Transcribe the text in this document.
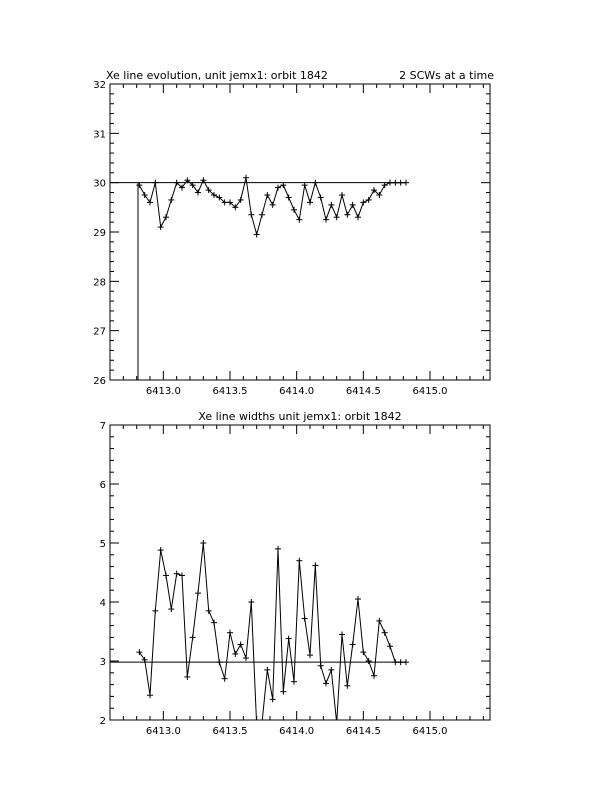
Xe line evolution, unit jemx1: orbit 1842	2 SCWs at a time
26
27
28
29
30
31
32
6413.0	6413.5	6414.0	6414.5	6415.0
Xe line widths unit jemx1: orbit 1842
2
3
4
5
6
7
6413.0	6413.5	6414.0	6414.5	6415.0
